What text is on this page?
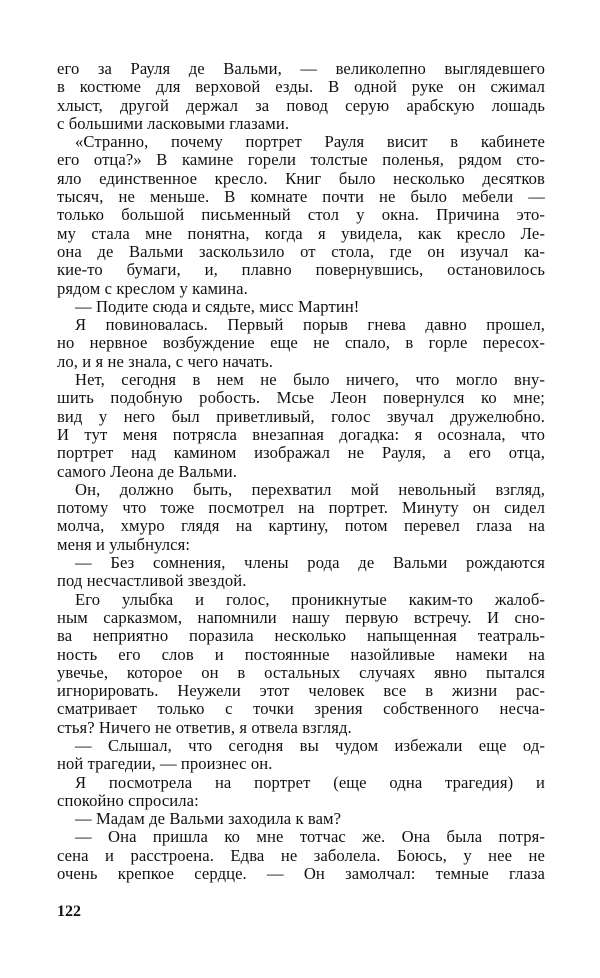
его за Рауля де Вальми, — великолепно выглядевшего
в костюме для верховой езды. В одной руке он сжимал
хлыст, другой держал за повод серую арабскую лошадь
с большими ласковыми глазами.
«Странно, почему портрет Рауля висит в кабинете
его отца?» В камине горели толстые поленья, рядом сто-
яло единственное кресло. Книг было несколько десятков
тысяч, не меньше. В комнате почти не было мебели —
только большой письменный стол у окна. Причина это-
му стала мне понятна, когда я увидела, как кресло Ле-
она де Вальми заскользило от стола, где он изучал ка-
кие-то бумаги, и, плавно повернувшись, остановилось
рядом с креслом у камина.
— Подите сюда и сядьте, мисс Мартин!
Я повиновалась. Первый порыв гнева давно прошел,
но нервное возбуждение еще не спало, в горле пересох-
ло, и я не знала, с чего начать.
Нет, сегодня в нем не было ничего, что могло вну-
шить подобную робость. Мсье Леон повернулся ко мне;
вид у него был приветливый, голос звучал дружелюбно.
И тут меня потрясла внезапная догадка: я осознала, что
портрет над камином изображал не Рауля, а его отца,
самого Леона де Вальми.
Он, должно быть, перехватил мой невольный взгляд,
потому что тоже посмотрел на портрет. Минуту он сидел
молча, хмуро глядя на картину, потом перевел глаза на
меня и улыбнулся:
— Без сомнения, члены рода де Вальми рождаются
под несчастливой звездой.
Его улыбка и голос, проникнутые каким-то жалоб-
ным сарказмом, напомнили нашу первую встречу. И сно-
ва неприятно поразила несколько напыщенная театраль-
ность его слов и постоянные назойливые намеки на
увечье, которое он в остальных случаях явно пытался
игнорировать. Неужели этот человек все в жизни рас-
сматривает только с точки зрения собственного несча-
стья? Ничего не ответив, я отвела взгляд.
— Слышал, что сегодня вы чудом избежали еще од-
ной трагедии, — произнес он.
Я посмотрела на портрет (еще одна трагедия) и
спокойно спросила:
— Мадам де Вальми заходила к вам?
— Она пришла ко мне тотчас же. Она была потря-
сена и расстроена. Едва не заболела. Боюсь, у нее не
очень крепкое сердце. — Он замолчал: темные глаза
122
